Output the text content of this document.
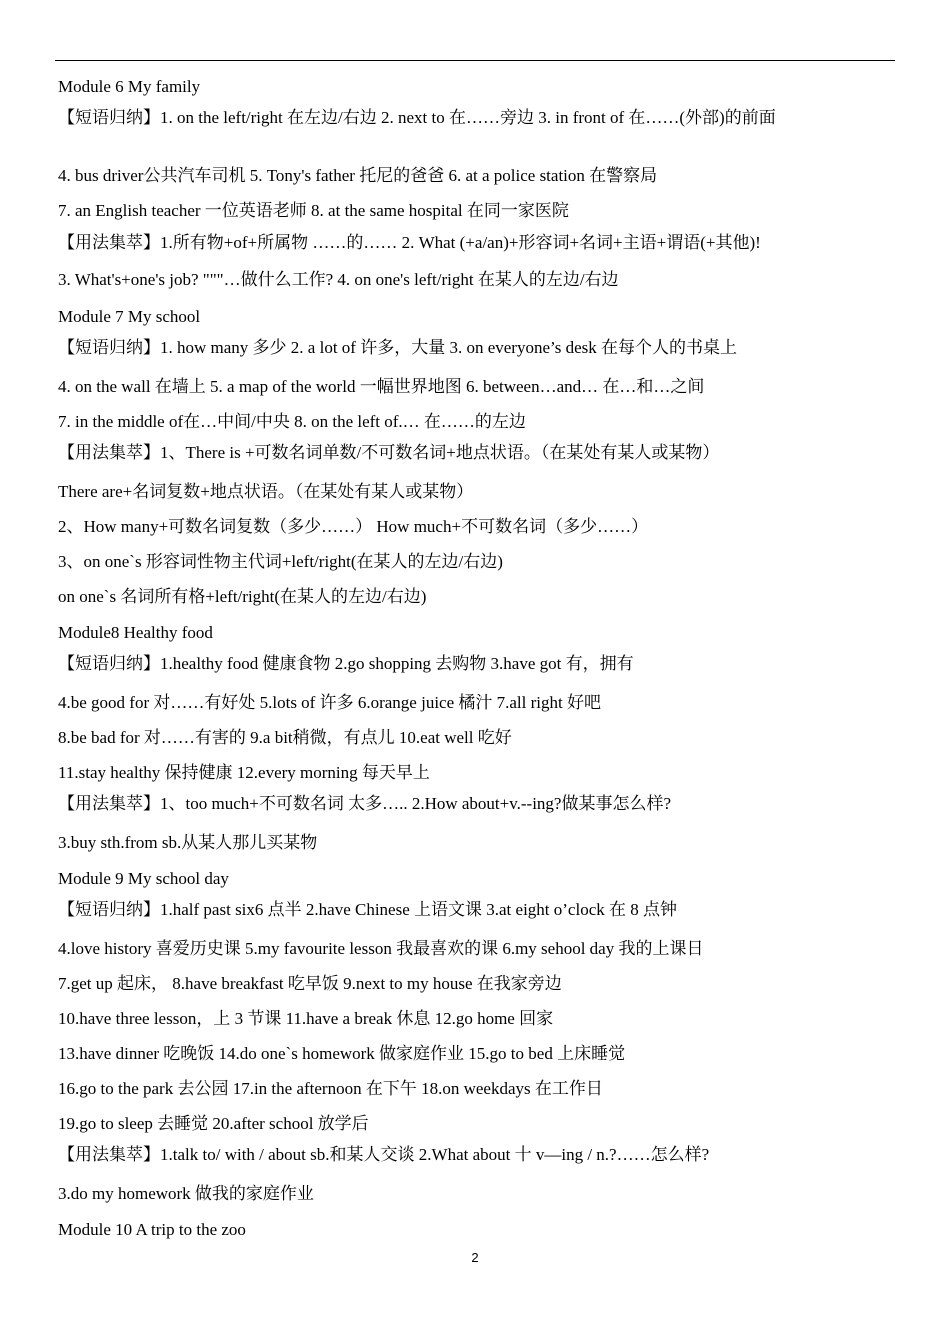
Module 6 My family
【短语归纳】1. on the left/right 在左边/右边 2. next to 在……旁边 3. in front of 在……(外部)的前面
4. bus driver公共汽车司机 5. Tony's father 托尼的爸爸 6. at a police station 在警察局
7. an English teacher 一位英语老师 8. at the same hospital 在同一家医院
【用法集萃】1.所有物+of+所属物 ……的…… 2. What (+a/an)+形容词+名词+主语+谓语(+其他)!
3. What's+one's job? """…做什么工作? 4. on one's left/right 在某人的左边/右边
Module 7 My school
【短语归纳】1. how many 多少 2. a lot of 许多，大量 3. on everyone’s desk 在每个人的书桌上
4. on the wall 在墙上 5. a map of the world 一幅世界地图 6. between…and… 在…和…之间
7. in the middle of在…中间/中央 8. on the left of.… 在……的左边
【用法集萃】1、There is +可数名词单数/不可数名词+地点状语。（在某处有某人或某物）
There are+名词复数+地点状语。（在某处有某人或某物）
2、How many+可数名词复数（多少……） How much+不可数名词（多少……）
3、on one`s 形容词性物主代词+left/right(在某人的左边/右边)
on one`s 名词所有格+left/right(在某人的左边/右边)
Module8 Healthy food
【短语归纳】1.healthy food 健康食物 2.go shopping 去购物 3.have got 有，拥有
4.be good for 对……有好处 5.lots of 许多 6.orange juice 橘汁 7.all right 好吧
8.be bad for 对……有害的 9.a bit稍微，有点儿 10.eat well 吃好
11.stay healthy 保持健康 12.every morning 每天早上
【用法集萃】1、too much+不可数名词 太多….. 2.How about+v.--ing?做某事怎么样?
3.buy sth.from sb.从某人那儿买某物
Module 9 My school day
【短语归纳】1.half past six6 点半 2.have Chinese 上语文课 3.at eight o’clock 在 8 点钟
4.love history 喜爱历史课 5.my favourite lesson 我最喜欢的课 6.my sehool day 我的上课日
7.get up 起床， 8.have breakfast 吃早饭 9.next to my house 在我家旁边
10.have three lesson，上 3 节课 11.have a break 休息 12.go home 回家
13.have dinner 吃晚饭 14.do one`s homework 做家庭作业 15.go to bed 上床睡觉
16.go to the park 去公园 17.in the afternoon 在下午 18.on weekdays 在工作日
19.go to sleep 去睡觉 20.after school 放学后
【用法集萃】1.talk to/ with / about sb.和某人交谈 2.What about 十 v—ing / n.?……怎么样?
3.do my homework 做我的家庭作业
Module 10 A trip to the zoo
2
